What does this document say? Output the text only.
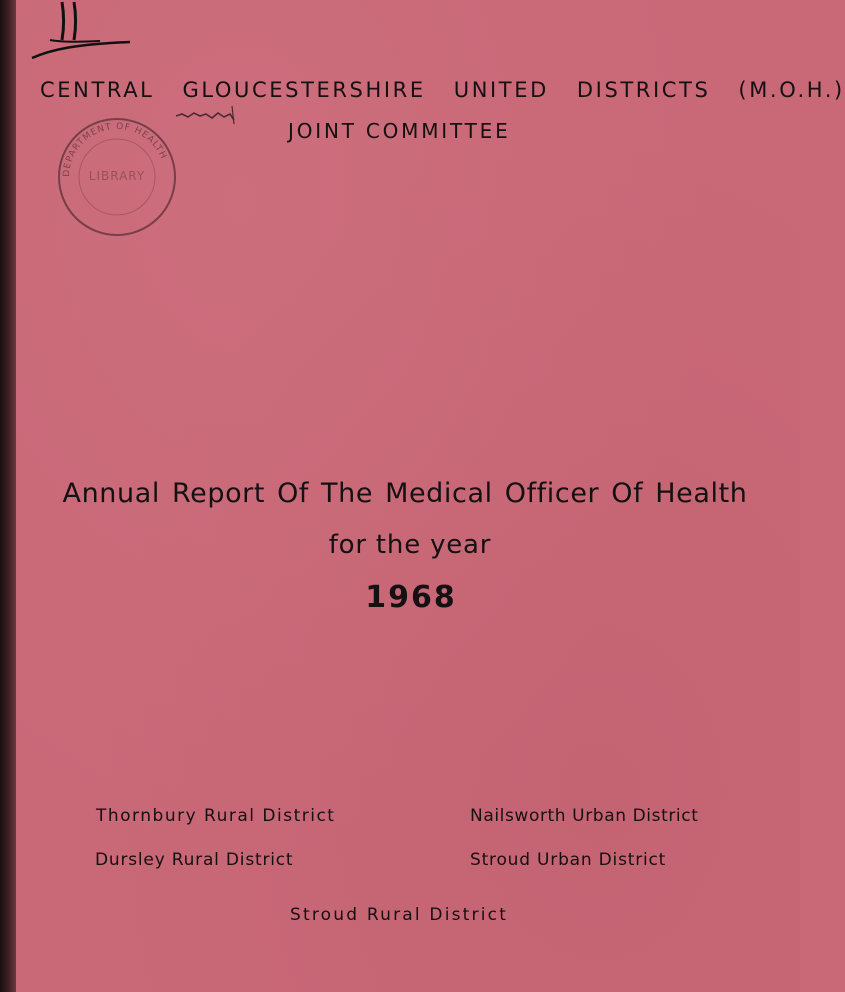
CENTRAL GLOUCESTERSHIRE UNITED DISTRICTS (M.O.H.)
JOINT COMMITTEE
DEPARTMENT OF HEALTH
LIBRARY
Annual Report Of The Medical Officer Of Health
for the year
1968
Thornbury Rural District	Nailsworth Urban District
Dursley Rural District	Stroud Urban District
Stroud Rural District
